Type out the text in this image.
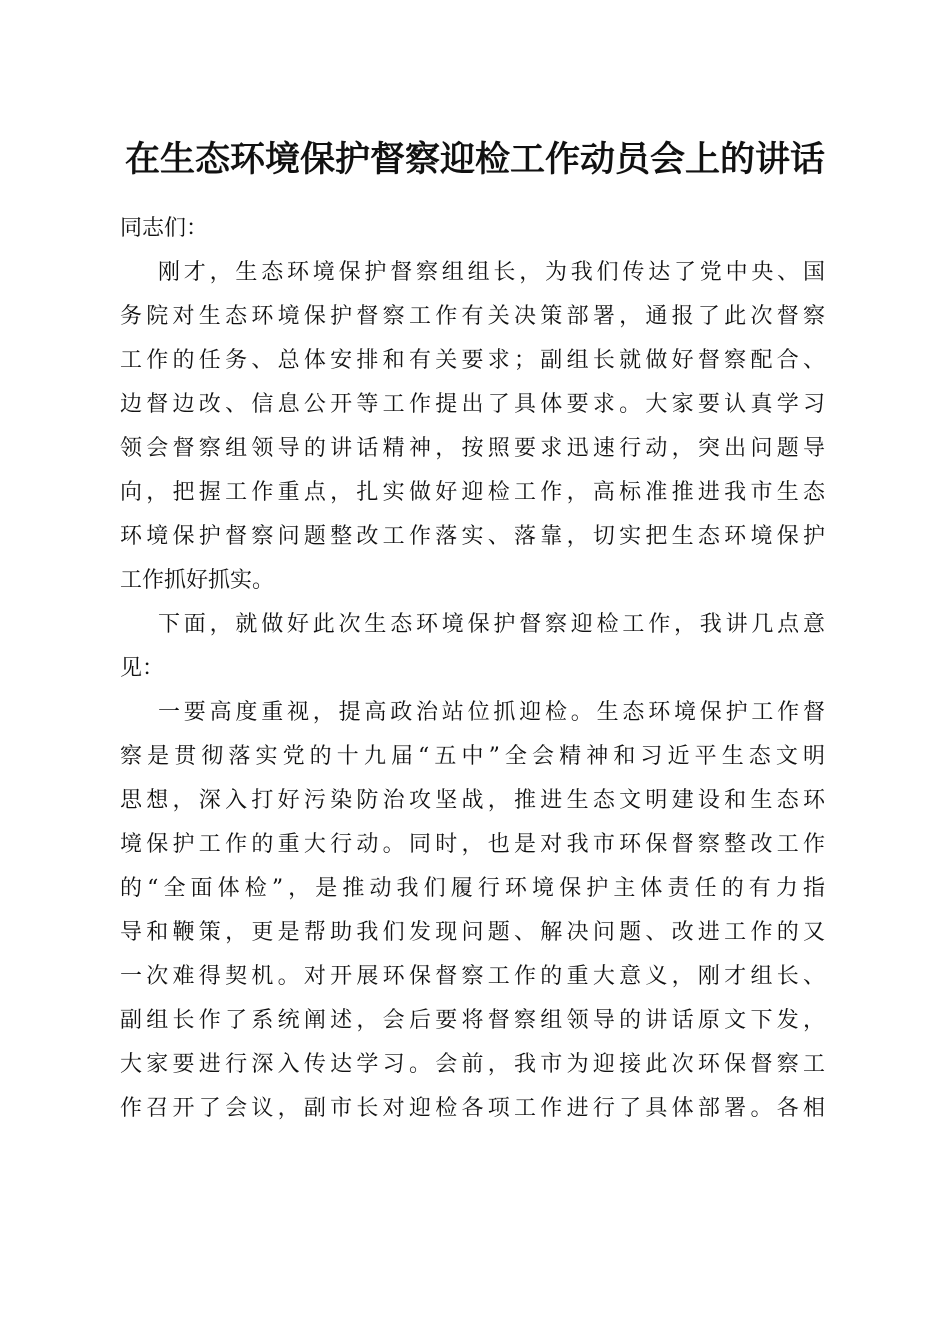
在生态环境保护督察迎检工作动员会上的讲话
同志们：
刚才，生态环境保护督察组组长，为我们传达了党中央、国
务院对生态环境保护督察工作有关决策部署，通报了此次督察
工作的任务、总体安排和有关要求；副组长就做好督察配合、
边督边改、信息公开等工作提出了具体要求。大家要认真学习
领会督察组领导的讲话精神，按照要求迅速行动，突出问题导
向，把握工作重点，扎实做好迎检工作，高标准推进我市生态
环境保护督察问题整改工作落实、落靠，切实把生态环境保护
工作抓好抓实。
下面，就做好此次生态环境保护督察迎检工作，我讲几点意
见：
一要高度重视，提高政治站位抓迎检。生态环境保护工作督
察是贯彻落实党的十九届“五中”全会精神和习近平生态文明
思想，深入打好污染防治攻坚战，推进生态文明建设和生态环
境保护工作的重大行动。同时，也是对我市环保督察整改工作
的“全面体检”，是推动我们履行环境保护主体责任的有力指
导和鞭策，更是帮助我们发现问题、解决问题、改进工作的又
一次难得契机。对开展环保督察工作的重大意义，刚才组长、
副组长作了系统阐述，会后要将督察组领导的讲话原文下发，
大家要进行深入传达学习。会前，我市为迎接此次环保督察工
作召开了会议，副市长对迎检各项工作进行了具体部署。各相
